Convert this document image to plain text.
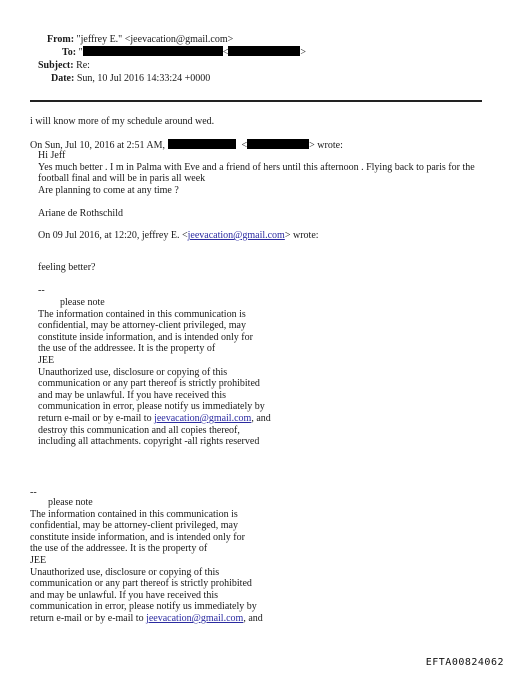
From: "jeffrey E." <jeevacation@gmail.com>
To: "	<	>
Subject: Re:
Date: Sun, 10 Jul 2016 14:33:24 +0000
i will know more of my schedule around wed.
On Sun, Jul 10, 2016 at 2:51 AM,	<	> wrote:
Hi Jeff
Yes much better . I m in Palma with Eve and a friend of hers until this afternoon . Flying back to paris for the
football final and will be in paris all week
Are planning to come at any time ?
Ariane de Rothschild
On 09 Jul 2016, at 12:20, jeffrey E. <jeevacation@gmail.com> wrote:
feeling better?
--
please note
The information contained in this communication is
confidential, may be attorney-client privileged, may
constitute inside information, and is intended only for
the use of the addressee. It is the property of
JEE
Unauthorized use, disclosure or copying of this
communication or any part thereof is strictly prohibited
and may be unlawful. If you have received this
communication in error, please notify us immediately by
return e-mail or by e-mail to jeevacation@gmail.com, and
destroy this communication and all copies thereof,
including all attachments. copyright -all rights reserved
--
please note
The information contained in this communication is
confidential, may be attorney-client privileged, may
constitute inside information, and is intended only for
the use of the addressee. It is the property of
JEE
Unauthorized use, disclosure or copying of this
communication or any part thereof is strictly prohibited
and may be unlawful. If you have received this
communication in error, please notify us immediately by
return e-mail or by e-mail to jeevacation@gmail.com, and
EFTA00824062
